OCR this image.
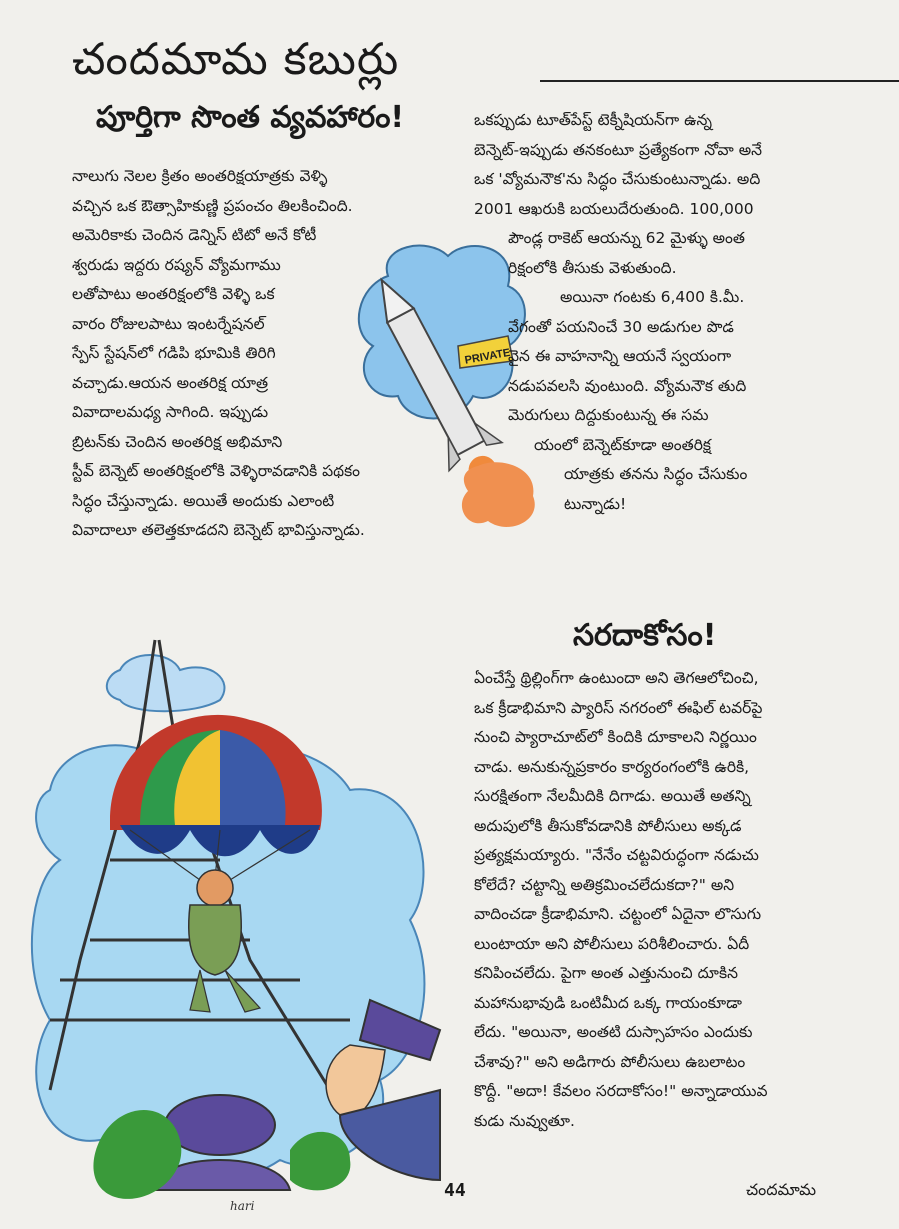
చందమామ కబుర్లు
పూర్తిగా సొంత వ్యవహారం!
PRIVATE

నాలుగు నెలల క్రితం అంతరిక్షయాత్రకు వెళ్ళి
వచ్చిన ఒక ఔత్సాహికుణ్ణి ప్రపంచం తిలకించింది.
అమెరికాకు చెందిన డెన్నిస్ టిటో అనే కోటీ
శ్వరుడు ఇద్దరు రష్యన్ వ్యోమగాము
లతోపాటు అంతరిక్షంలోకి వెళ్ళి ఒక
వారం రోజులపాటు ఇంటర్నేషనల్
స్పేస్ స్టేషన్‌లో గడిపి భూమికి తిరిగి
వచ్చాడు.ఆయన అంతరిక్ష యాత్ర
వివాదాలమధ్య సాగింది. ఇప్పుడు
బ్రిటన్‌కు చెందిన అంతరిక్ష అభిమాని
స్టీవ్ బెన్నెట్ అంతరిక్షంలోకి వెళ్ళిరావడానికి పథకం
సిద్ధం చేస్తున్నాడు. అయితే అందుకు ఎలాంటి
వివాదాలూ తలెత్తకూడదని బెన్నెట్ భావిస్తున్నాడు.

ఒకప్పుడు టూత్‌పేస్ట్ టెక్నీషియన్‌గా ఉన్న
బెన్నెట్-ఇప్పుడు తనకంటూ ప్రత్యేకంగా నోవా అనే
ఒక 'వ్యోమనౌక'ను సిద్ధం చేసుకుంటున్నాడు. అది
2001 ఆఖరుకి బయలుదేరుతుంది. 100,000
పౌండ్ల రాకెట్ ఆయన్ను 62 మైళ్ళు అంత
రిక్షంలోకి తీసుకు వెళుతుంది.
అయినా గంటకు 6,400 కి.మీ.
వేగంతో పయనించే 30 అడుగుల పొడ
వైన ఈ వాహనాన్ని ఆయనే స్వయంగా
నడుపవలసి వుంటుంది. వ్యోమనౌక తుది
మెరుగులు దిద్దుకుంటున్న ఈ సమ
యంలో బెన్నెట్‌కూడా అంతరిక్ష
యాత్రకు తనను సిద్ధం చేసుకుం
టున్నాడు!

సరదాకోసం!

ఏంచేస్తే థ్రిల్లింగ్‌గా ఉంటుందా అని తెగఆలోచించి,
ఒక క్రీడాభిమాని ప్యారిస్ నగరంలో ఈఫిల్ టవర్‌పై
నుంచి ప్యారాచూట్‌లో కిందికి దూకాలని నిర్ణయిం
చాడు. అనుకున్నప్రకారం కార్యరంగంలోకి ఉరికి,
సురక్షితంగా నేలమీదికి దిగాడు. అయితే అతన్ని
అదుపులోకి తీసుకోవడానికి పోలీసులు అక్కడ
ప్రత్యక్షమయ్యారు. "నేనేం చట్టవిరుద్ధంగా నడుచు
కోలేదే? చట్టాన్ని అతిక్రమించలేదుకదా?" అని
వాదించడా క్రీడాభిమాని. చట్టంలో ఏదైనా లొసుగు
లుంటాయా అని పోలీసులు పరిశీలించారు. ఏదీ
కనిపించలేదు. పైగా అంత ఎత్తునుంచి దూకిన
మహానుభావుడి ఒంటిమీద ఒక్క గాయంకూడా
లేదు. "అయినా, అంతటి దుస్సాహసం ఎందుకు
చేశావు?" అని అడిగారు పోలీసులు ఉబలాటం
కొద్దీ. "అదా! కేవలం సరదాకోసం!" అన్నాడాయువ
కుడు నువ్వుతూ.

hari
44	చందమామ
